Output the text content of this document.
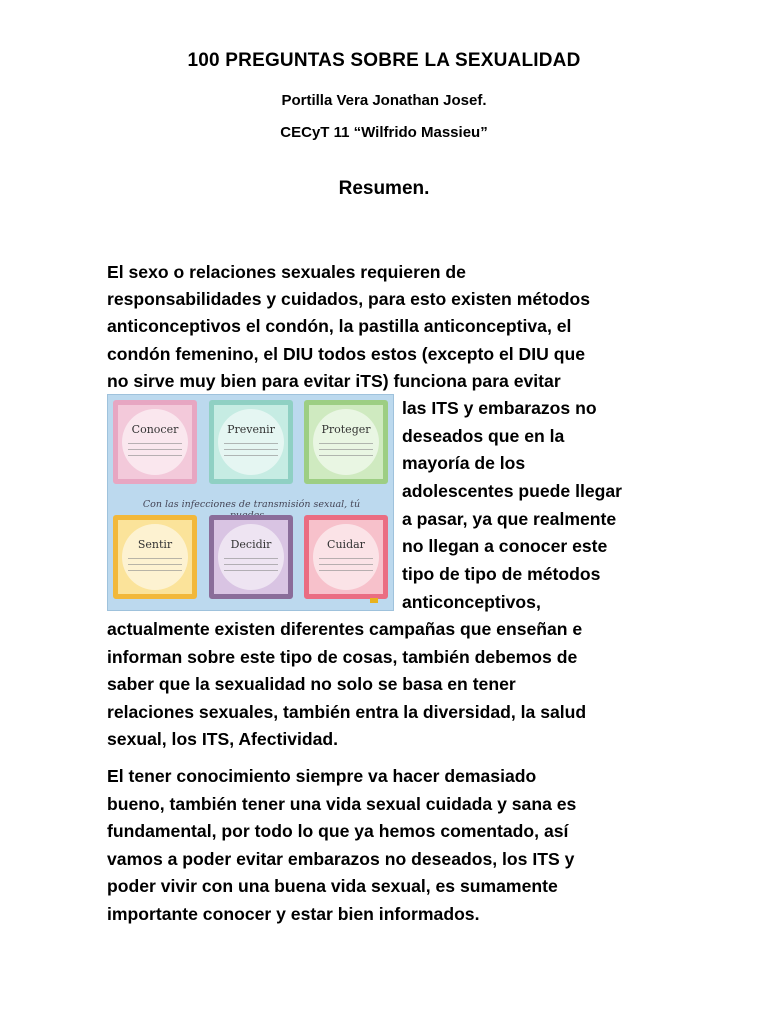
100 PREGUNTAS SOBRE LA SEXUALIDAD
Portilla Vera Jonathan Josef.
CECyT 11 “Wilfrido Massieu”
Resumen.
El sexo o relaciones sexuales requieren de
responsabilidades y cuidados, para esto existen métodos
anticonceptivos el condón, la pastilla anticonceptiva, el
condón femenino, el DIU todos estos (excepto el DIU que
no sirve muy bien para evitar iTS) funciona para evitar
las ITS y embarazos no
deseados que en la
mayoría de los
adolescentes puede llegar
a pasar, ya que realmente
no llegan a conocer este
tipo de tipo de métodos
anticonceptivos,
actualmente existen diferentes campañas que enseñan e
informan sobre este tipo de cosas, también debemos de
saber que la sexualidad no solo se basa en tener
relaciones sexuales, también entra la diversidad, la salud
sexual, los ITS, Afectividad.
El tener conocimiento siempre va hacer demasiado
bueno, también tener una vida sexual cuidada y sana es
fundamental, por todo lo que ya hemos comentado, así
vamos a poder evitar embarazos no deseados, los ITS y
poder vivir con una buena vida sexual, es sumamente
importante conocer y estar bien informados.
Conocer	Prevenir	Proteger
Con las infecciones de transmisión sexual, tú
Sentir	Decidir	Cuidar
